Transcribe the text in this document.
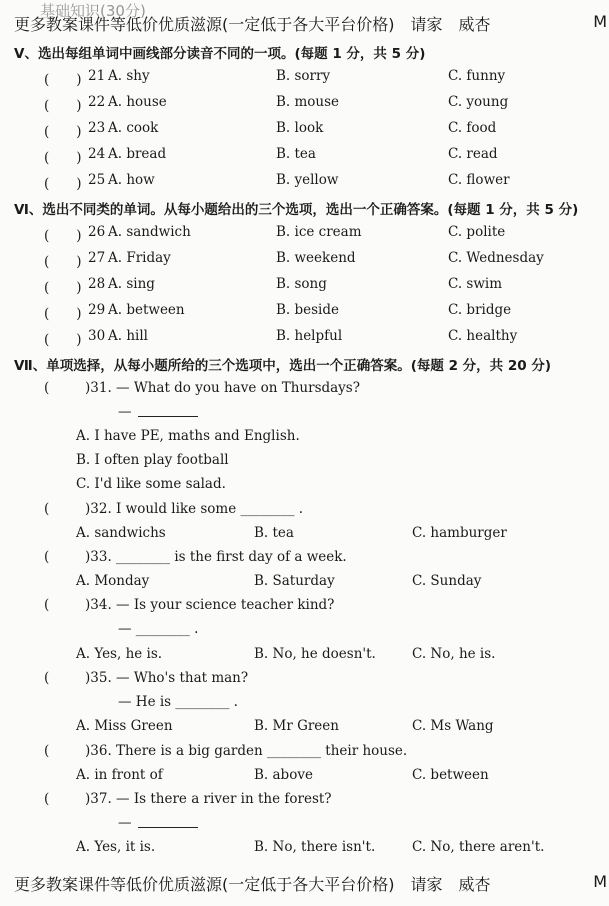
更多教案课件等低价优质滋源(一定低于各大平台价格)　请家　威杏	M
基础知识(30分)
Ⅴ、选出每组单词中画线部分读音不同的一项。(每题 1 分，共 5 分)
(　　) 21 A. shy	B. sorry	C. funny
(　　) 22 A. house	B. mouse	C. young
(　　) 23 A. cook	B. look	C. food
(　　) 24 A. bread	B. tea	C. read
(　　) 25 A. how	B. yellow	C. flower
Ⅵ、选出不同类的单词。从每小题给出的三个选项，选出一个正确答案。(每题 1 分，共 5 分)
(　　) 26 A. sandwich	B. ice cream	C. polite
(　　) 27 A. Friday	B. weekend	C. Wednesday
(　　) 28 A. sing	B. song	C. swim
(　　) 29 A. between	B. beside	C. bridge
(　　) 30 A. hill	B. helpful	C. healthy
Ⅶ、单项选择，从每小题所给的三个选项中，选出一个正确答案。(每题 2 分，共 20 分)
(	)31. — What do you have on Thursdays?
—
A. I have PE, maths and English.
B. I often play football
C. I'd like some salad.
(	)32. I would like some ________ .
A. sandwichs	B. tea	C. hamburger
(	)33. ________ is the first day of a week.
A. Monday	B. Saturday	C. Sunday
(	)34. — Is your science teacher kind?
— ________ .
A. Yes, he is.	B. No, he doesn't.	C. No, he is.
(	)35. — Who's that man?
— He is ________ .
A. Miss Green	B. Mr Green	C. Ms Wang
(	)36. There is a big garden ________ their house.
A. in front of	B. above	C. between
(	)37. — Is there a river in the forest?
—
A. Yes, it is.	B. No, there isn't.	C. No, there aren't.
更多教案课件等低价优质滋源(一定低于各大平台价格)　请家　威杏	M
